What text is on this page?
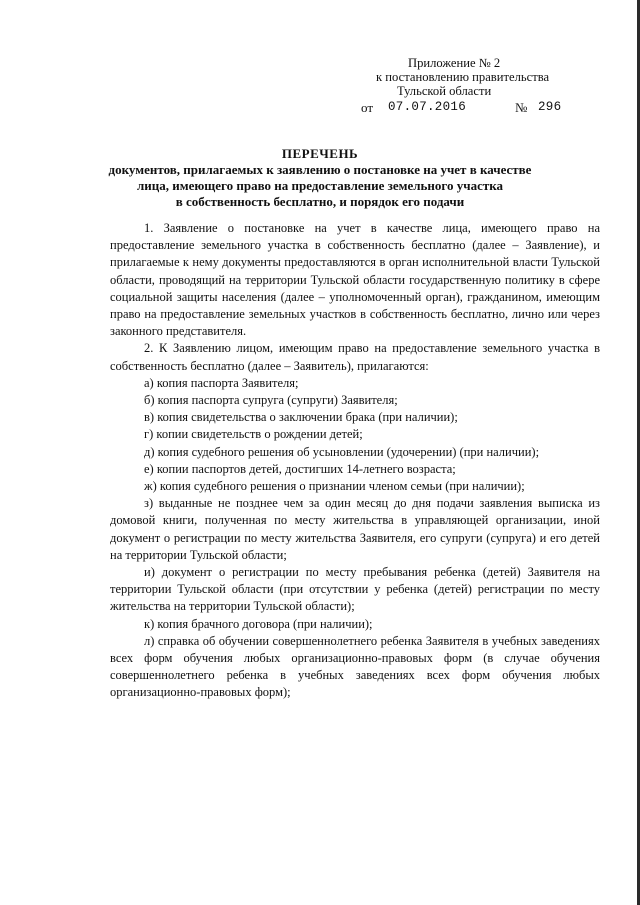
Приложение № 2
к постановлению правительства
Тульской области
от 07.07.2016	№ 296
ПЕРЕЧЕНЬ
документов, прилагаемых к заявлению о постановке на учет в качестве
лица, имеющего право на предоставление земельного участка
в собственность бесплатно, и порядок его подачи

1. Заявление о постановке на учет в качестве лица, имеющего право на предоставление земельного участка в собственность бесплатно (далее – Заявление), и прилагаемые к нему документы предоставляются в орган исполнительной власти Тульской области, проводящий на территории Тульской области государственную политику в сфере социальной защиты населения (далее – уполномоченный орган), гражданином, имеющим право на предоставление земельных участков в собственность бесплатно, лично или через законного представителя.

2. К Заявлению лицом, имеющим право на предоставление земельного участка в собственность бесплатно (далее – Заявитель), прилагаются:

а) копия паспорта Заявителя;

б) копия паспорта супруга (супруги) Заявителя;

в) копия свидетельства о заключении брака (при наличии);

г) копии свидетельств о рождении детей;

д) копия судебного решения об усыновлении (удочерении) (при наличии);

е) копии паспортов детей, достигших 14-летнего возраста;

ж) копия судебного решения о признании членом семьи (при наличии);

з) выданные не позднее чем за один месяц до дня подачи заявления выписка из домовой книги, полученная по месту жительства в управляющей организации, иной документ о регистрации по месту жительства Заявителя, его супруги (супруга) и его детей на территории Тульской области;

и) документ о регистрации по месту пребывания ребенка (детей) Заявителя на территории Тульской области (при отсутствии у ребенка (детей) регистрации по месту жительства на территории Тульской области);

к) копия брачного договора (при наличии);

л) справка об обучении совершеннолетнего ребенка Заявителя в учебных заведениях всех форм обучения любых организационно-правовых форм (в случае обучения совершеннолетнего ребенка в учебных заведениях всех форм обучения любых организационно-правовых форм);
